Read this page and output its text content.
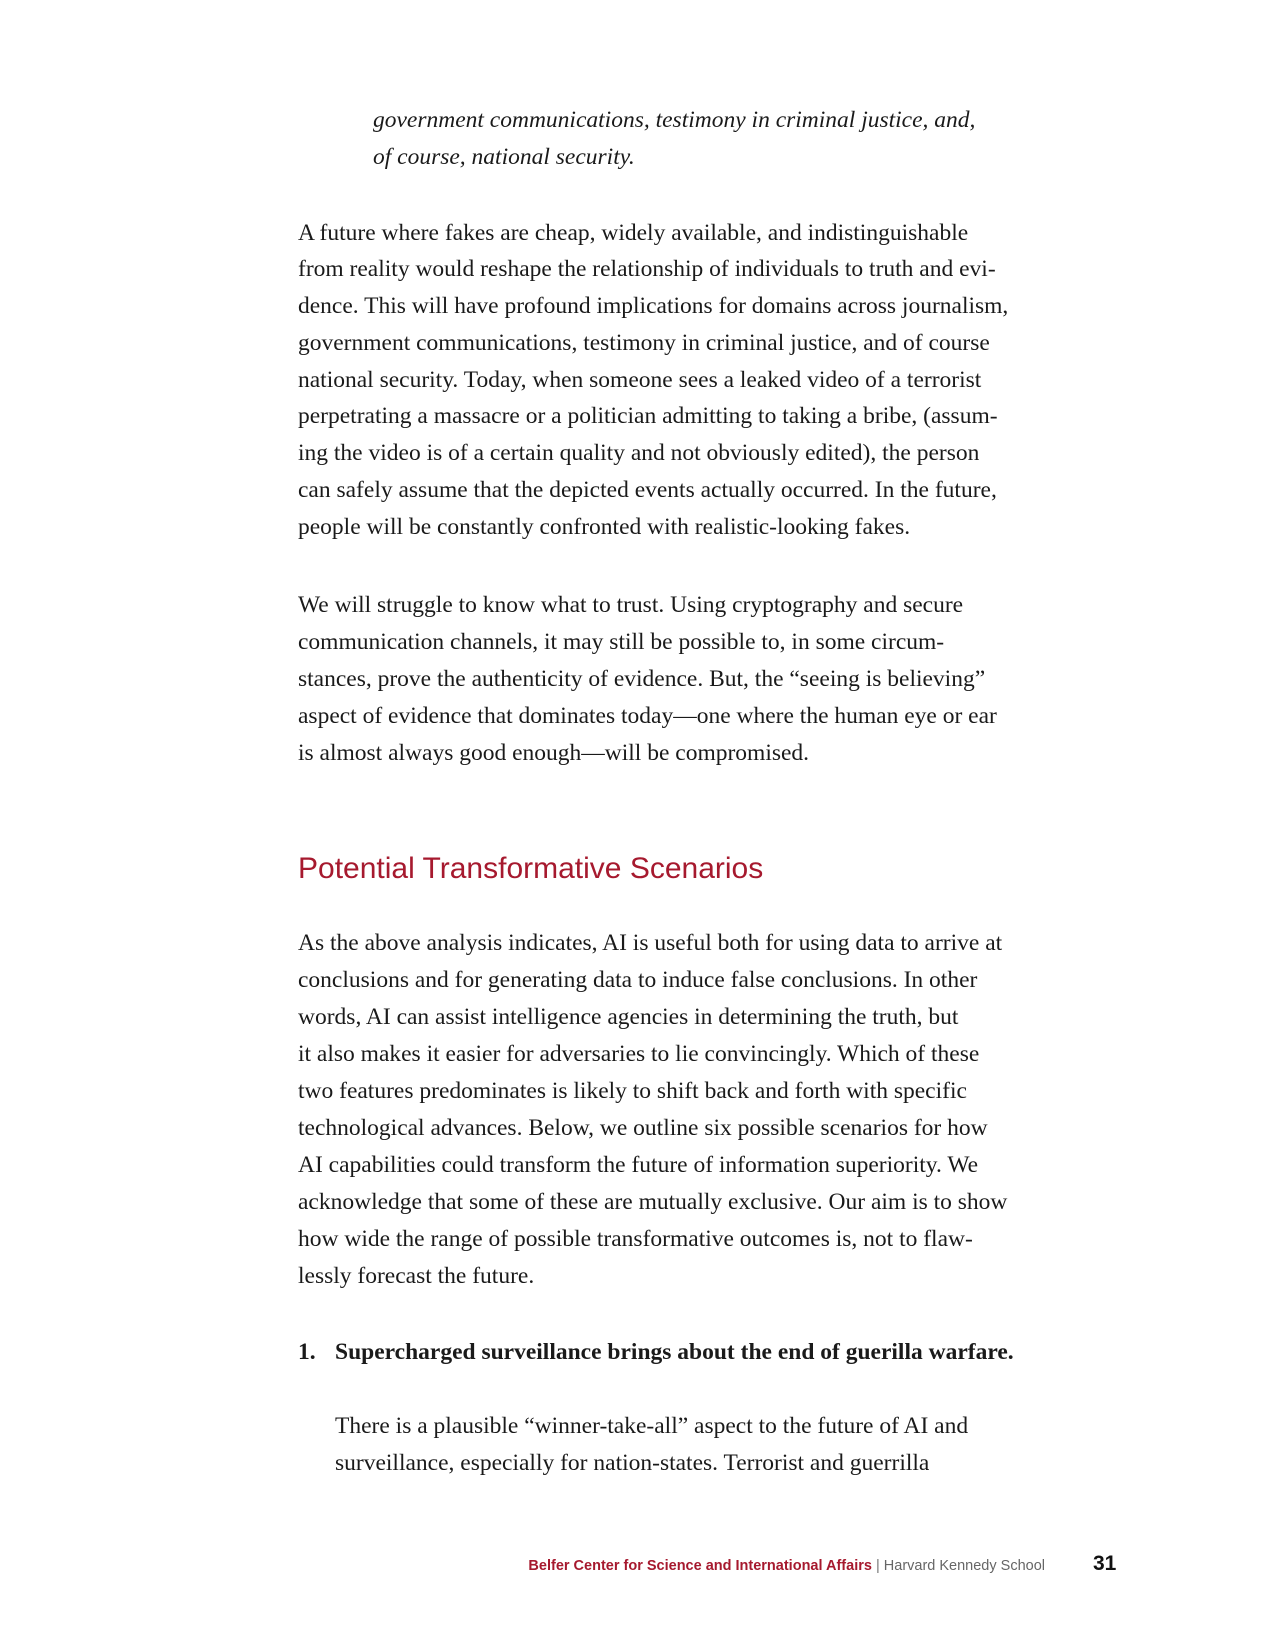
government communications, testimony in criminal justice, and,

of course, national security.

A future where fakes are cheap, widely available, and indistinguishable

from reality would reshape the relationship of individuals to truth and evi-

dence. This will have profound implications for domains across journalism,

government communications, testimony in criminal justice, and of course

national security. Today, when someone sees a leaked video of a terrorist

perpetrating a massacre or a politician admitting to taking a bribe, (assum-

ing the video is of a certain quality and not obviously edited), the person

can safely assume that the depicted events actually occurred. In the future,

people will be constantly confronted with realistic-looking fakes.

We will struggle to know what to trust. Using cryptography and secure

communication channels, it may still be possible to, in some circum-

stances, prove the authenticity of evidence. But, the “seeing is believing”

aspect of evidence that dominates today—one where the human eye or ear

is almost always good enough—will be compromised.

Potential Transformative Scenarios

As the above analysis indicates, AI is useful both for using data to arrive at

conclusions and for generating data to induce false conclusions. In other

words, AI can assist intelligence agencies in determining the truth, but

it also makes it easier for adversaries to lie convincingly. Which of these

two features predominates is likely to shift back and forth with specific

technological advances. Below, we outline six possible scenarios for how

AI capabilities could transform the future of information superiority. We

acknowledge that some of these are mutually exclusive. Our aim is to show

how wide the range of possible transformative outcomes is, not to flaw-

lessly forecast the future.

1. Supercharged surveillance brings about the end of guerilla warfare.

There is a plausible “winner-take-all” aspect to the future of AI and

surveillance, especially for nation-states. Terrorist and guerrilla

Belfer Center for Science and International Affairs | Harvard Kennedy School 31
